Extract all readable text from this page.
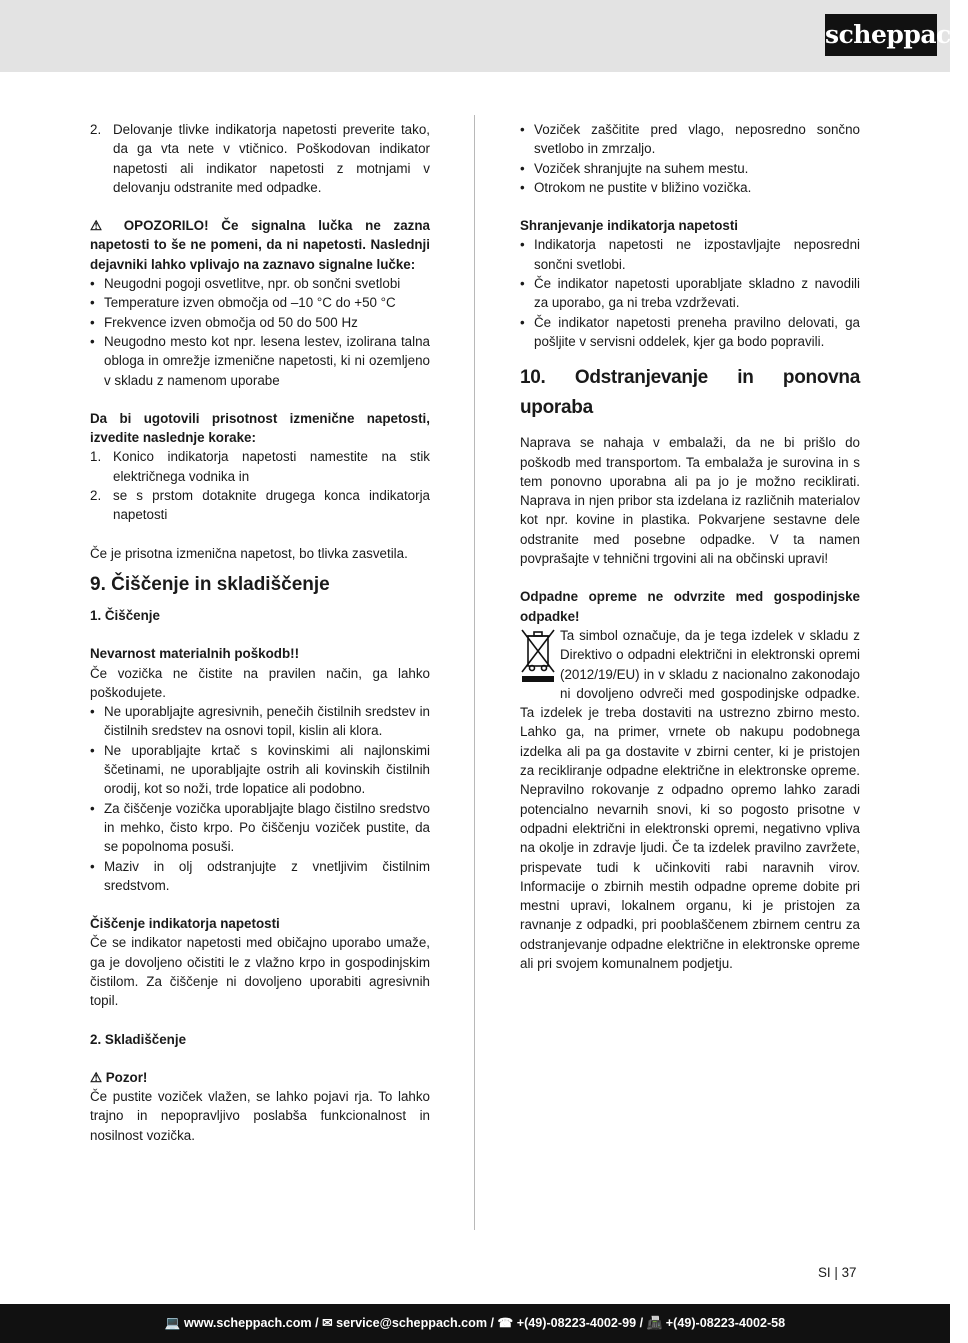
scheppach
2. Delovanje tlivke indikatorja napetosti preverite tako, da ga vta nete v vtičnico. Poškodovan indikator napetosti ali indikator napetosti z motnjami v delovanju odstranite med odpadke.

⚠ OPOZORILO! Če signalna lučka ne zazna napetosti to še ne pomeni, da ni napetosti. Naslednji dejavniki lahko vplivajo na zaznavo signalne lučke:

• Neugodni pogoji osvetlitve, npr. ob sončni svetlobi
• Temperature izven območja od –10 °C do +50 °C
• Frekvence izven območja od 50 do 500 Hz
• Neugodno mesto kot npr. lesena lestev, izolirana talna obloga in omrežje izmenične napetosti, ki ni ozemljeno v skladu z namenom uporabe

Da bi ugotovili prisotnost izmenične napetosti, izvedite naslednje korake:

1. Konico indikatorja napetosti namestite na stik električnega vodnika in
2. se s prstom dotaknite drugega konca indikatorja napetosti

Če je prisotna izmenična napetost, bo tlivka zasvetila.

9. Čiščenje in skladiščenje

1. Čiščenje

Nevarnost materialnih poškodb!!

Če vozička ne čistite na pravilen način, ga lahko poškodujete.

• Ne uporabljajte agresivnih, penečih čistilnih sredstev in čistilnih sredstev na osnovi topil, kislin ali klora.
• Ne uporabljajte krtač s kovinskimi ali najlonskimi ščetinami, ne uporabljajte ostrih ali kovinskih čistilnih orodij, kot so noži, trde lopatice ali podobno.
• Za čiščenje vozička uporabljajte blago čistilno sredstvo in mehko, čisto krpo. Po čiščenju voziček pustite, da se popolnoma posuši.
• Maziv in olj odstranjujte z vnetljivim čistilnim sredstvom.

Čiščenje indikatorja napetosti

Če se indikator napetosti med običajno uporabo umaže, ga je dovoljeno očistiti le z vlažno krpo in gospodinjskim čistilom. Za čiščenje ni dovoljeno uporabiti agresivnih topil.

2. Skladiščenje

⚠ Pozor!

Če pustite voziček vlažen, se lahko pojavi rja. To lahko trajno in nepopravljivo poslabša funkcionalnost in nosilnost vozička.

• Voziček zaščitite pred vlago, neposredno sončno svetlobo in zmrzaljo.
• Voziček shranjujte na suhem mestu.
• Otrokom ne pustite v bližino vozička.

Shranjevanje indikatorja napetosti

• Indikatorja napetosti ne izpostavljajte neposredni sončni svetlobi.
• Če indikator napetosti uporabljate skladno z navodili za uporabo, ga ni treba vzdrževati.
• Če indikator napetosti preneha pravilno delovati, ga pošljite v servisni oddelek, kjer ga bodo popravili.

10. Odstranjevanje in ponovna uporaba

Naprava se nahaja v embalaži, da ne bi prišlo do poškodb med transportom. Ta embalaža je surovina in s tem ponovno uporabna ali pa jo je možno reciklirati. Naprava in njen pribor sta izdelana iz različnih materialov kot npr. kovine in plastika. Pokvarjene sestavne dele odstranite med posebne odpadke. V ta namen povprašajte v tehnični trgovini ali na občinski upravi!

Odpadne opreme ne odvrzite med gospodinjske odpadke!

Ta simbol označuje, da je tega izdelek v skladu z Direktivo o odpadni električni in elektronski opremi (2012/19/EU) in v skladu z nacionalno zakonodajo ni dovoljeno odvreči med gospodinjske odpadke. Ta izdelek je treba dostaviti na ustrezno zbirno mesto. Lahko ga, na primer, vrnete ob nakupu podobnega izdelka ali pa ga dostavite v zbirni center, ki je pristojen za recikliranje odpadne električne in elektronske opreme. Nepravilno rokovanje z odpadno opremo lahko zaradi potencialno nevarnih snovi, ki so pogosto prisotne v odpadni električni in elektronski opremi, negativno vpliva na okolje in zdravje ljudi. Če ta izdelek pravilno zavržete, prispevate tudi k učinkoviti rabi naravnih virov. Informacije o zbirnih mestih odpadne opreme dobite pri mestni upravi, lokalnem organu, ki je pristojen za ravnanje z odpadki, pri pooblaščenem zbirnem centru za odstranjevanje odpadne električne in elektronske opreme ali pri svojem komunalnem podjetju.

SI | 37
💻 www.scheppach.com / ✉ service@scheppach.com / ☎ +(49)-08223-4002-99 / 📠 +(49)-08223-4002-58
